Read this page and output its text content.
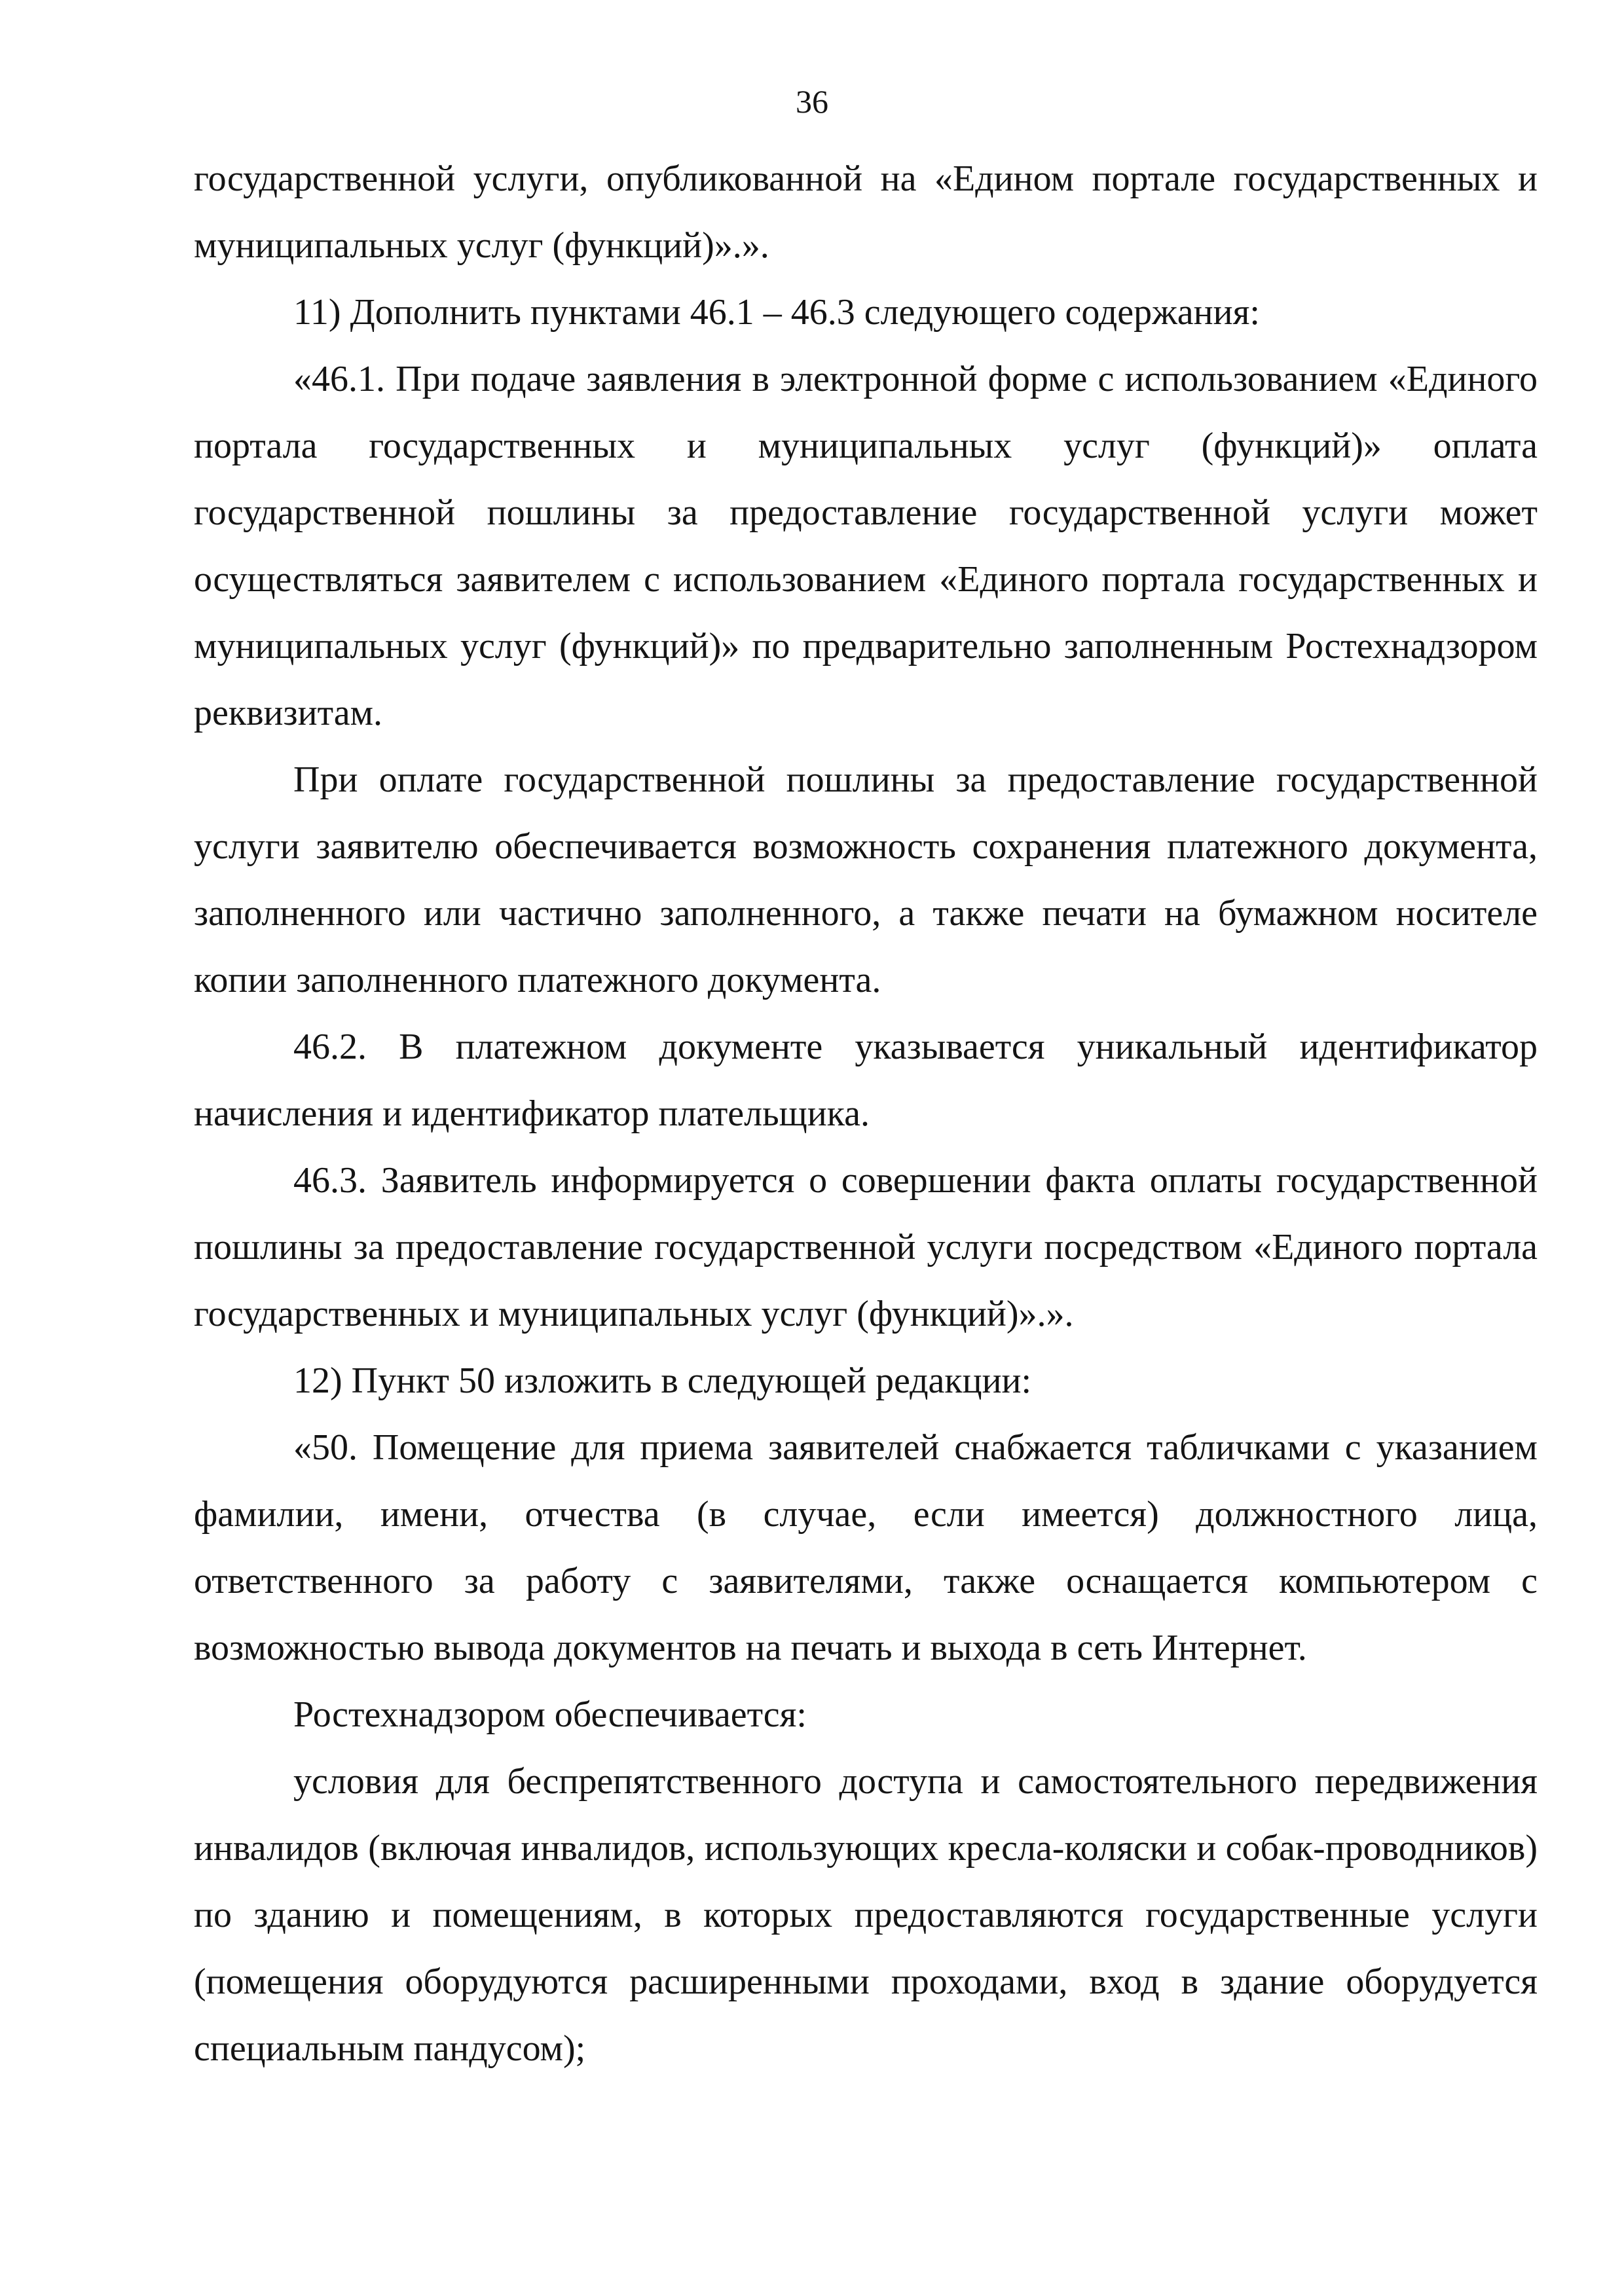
36

государственной услуги, опубликованной на «Едином портале государственных и муниципальных услуг (функций)».».

11) Дополнить пунктами 46.1 – 46.3 следующего содержания:

«46.1. При подаче заявления в электронной форме с использованием «Единого портала государственных и муниципальных услуг (функций)» оплата государственной пошлины за предоставление государственной услуги может осуществляться заявителем с использованием «Единого портала государственных и муниципальных услуг (функций)» по предварительно заполненным Ростехнадзором реквизитам.

При оплате государственной пошлины за предоставление государственной услуги заявителю обеспечивается возможность сохранения платежного документа, заполненного или частично заполненного, а также печати на бумажном носителе копии заполненного платежного документа.

46.2. В платежном документе указывается уникальный идентификатор начисления и идентификатор плательщика.

46.3. Заявитель информируется о совершении факта оплаты государственной пошлины за предоставление государственной услуги посредством «Единого портала государственных и муниципальных услуг (функций)».».

12) Пункт 50 изложить в следующей редакции:

«50. Помещение для приема заявителей снабжается табличками с указанием фамилии, имени, отчества (в случае, если имеется) должностного лица, ответственного за работу с заявителями, также оснащается компьютером с возможностью вывода документов на печать и выхода в сеть Интернет.

Ростехнадзором обеспечивается:

условия для беспрепятственного доступа и самостоятельного передвижения инвалидов (включая инвалидов, использующих кресла-коляски и собак-проводников) по зданию и помещениям, в которых предоставляются государственные услуги (помещения оборудуются расширенными проходами, вход в здание оборудуется специальным пандусом);
